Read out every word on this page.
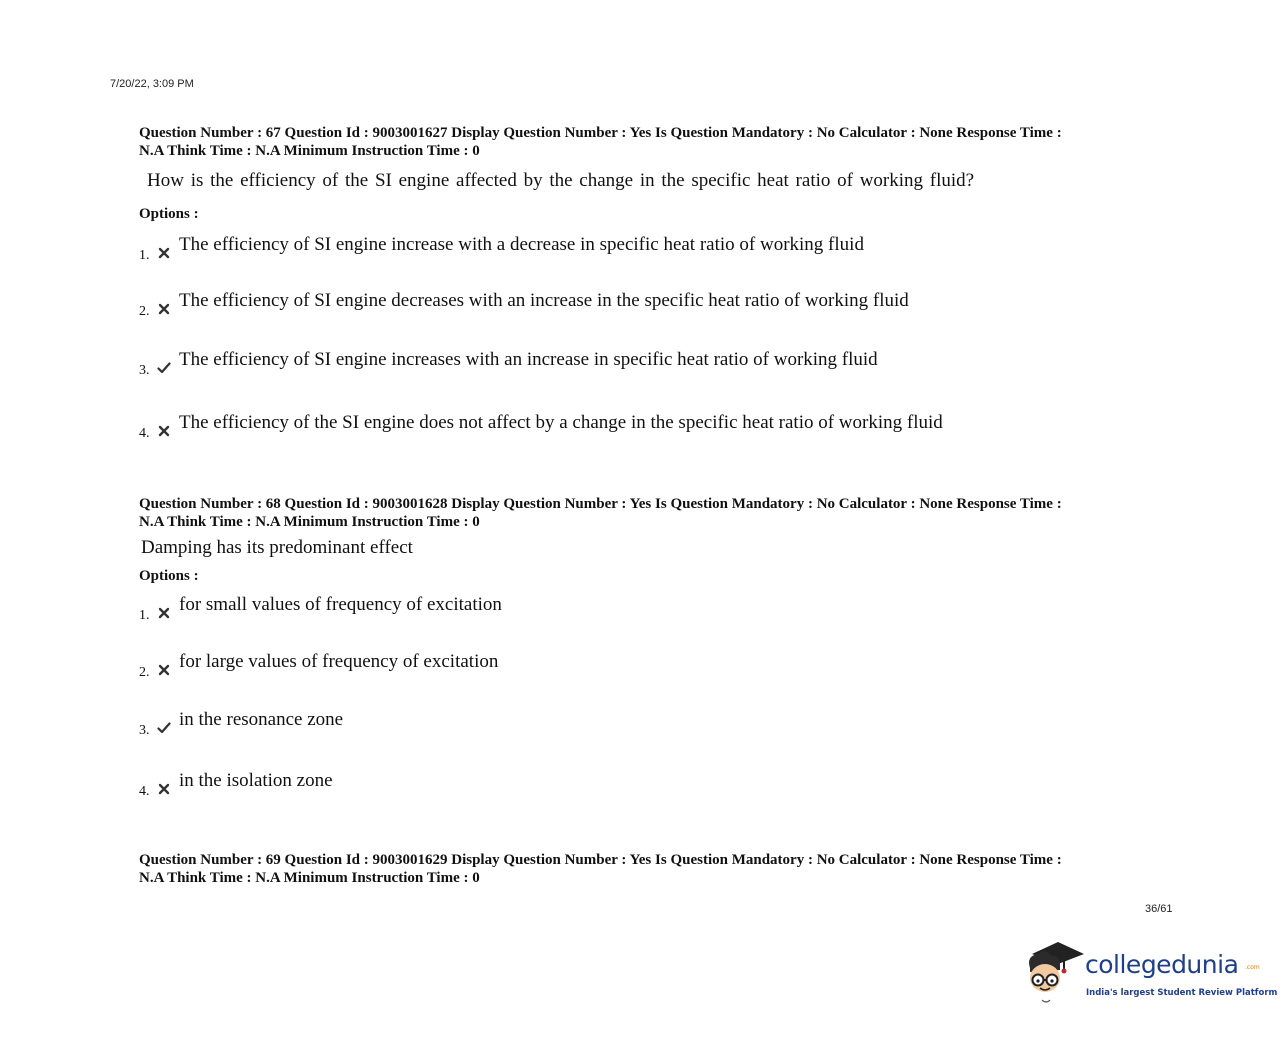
7/20/22, 3:09 PM
Question Number : 67 Question Id : 9003001627 Display Question Number : Yes Is Question Mandatory : No Calculator : None Response Time :
N.A Think Time : N.A Minimum Instruction Time : 0
How is the efficiency of the SI engine affected by the change in the specific heat ratio of working fluid?
Options :
1.
The efficiency of SI engine increase with a decrease in specific heat ratio of working fluid
2.
The efficiency of SI engine decreases with an increase in the specific heat ratio of working fluid
3.
The efficiency of SI engine increases with an increase in specific heat ratio of working fluid
4.
The efficiency of the SI engine does not affect by a change in the specific heat ratio of working fluid
Question Number : 68 Question Id : 9003001628 Display Question Number : Yes Is Question Mandatory : No Calculator : None Response Time :
N.A Think Time : N.A Minimum Instruction Time : 0
Damping has its predominant effect
Options :
1.
for small values of frequency of excitation
2.
for large values of frequency of excitation
3.
in the resonance zone
4.
in the isolation zone
Question Number : 69 Question Id : 9003001629 Display Question Number : Yes Is Question Mandatory : No Calculator : None Response Time :
N.A Think Time : N.A Minimum Instruction Time : 0
36/61
collegedunia .com
India's largest Student Review Platform
